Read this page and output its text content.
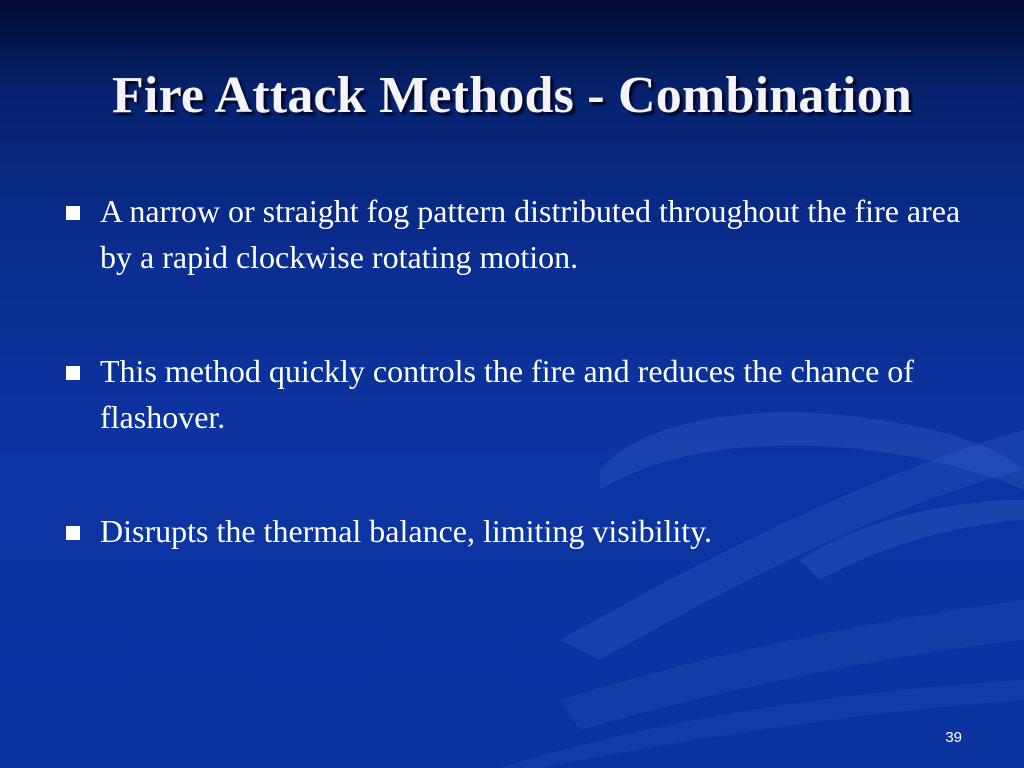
Fire Attack Methods - Combination
A narrow or straight fog pattern distributed throughout the fire area by a rapid clockwise rotating motion.
This method quickly controls the fire and reduces the chance of  flashover.
Disrupts the thermal balance, limiting visibility.
39
